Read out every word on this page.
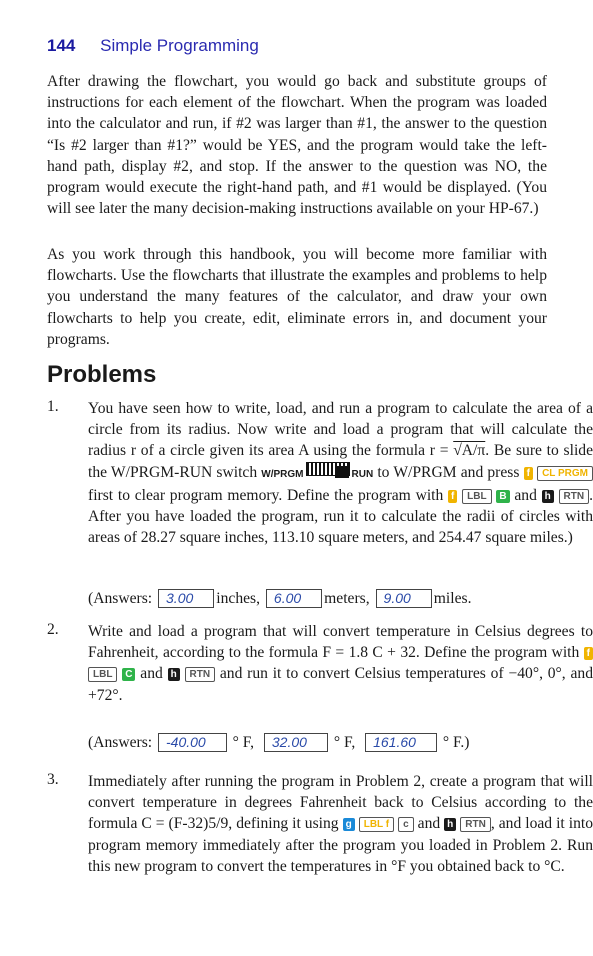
144 Simple Programming

After drawing the flowchart, you would go back and substitute groups of instructions for each element of the flowchart. When the program was loaded into the calculator and run, if #2 was larger than #1, the answer to the question “Is #2 larger than #1?” would be YES, and the program would take the left-hand path, display #2, and stop. If the answer to the question was NO, the program would execute the right-hand path, and #1 would be displayed. (You will see later the many decision-making instructions available on your HP-67.)

As you work through this handbook, you will become more familiar with flowcharts. Use the flowcharts that illustrate the examples and problems to help you understand the many features of the calculator, and draw your own flowcharts to help you create, edit, eliminate errors in, and document your programs.

Problems
1. You have seen how to write, load, and run a program to calculate the area of a circle from its radius. Now write and load a program that will calculate the radius r of a circle given its area A using the formula r = √A/π. Be sure to slide the W/PRGM-RUN switch W/PRGM	RUN to W/PRGM and press f CL PRGM first to clear program memory. Define the program with f LBL B and h RTN . After you have loaded the program, run it to calculate the radii of circles with areas of 28.27 square inches, 113.10 square meters, and 254.47 square miles.)

(Answers: 3.00 inches, 6.00 meters, 9.00 miles.
2. Write and load a program that will convert temperature in Celsius degrees to Fahrenheit, according to the formula F = 1.8 C + 32. Define the program with f LBL C and h RTN and run it to convert Celsius temperatures of −40°, 0°, and +72°.

(Answers: -40.00 ° F, 32.00 ° F, 161.60 ° F.)
3. Immediately after running the program in Problem 2, create a program that will convert temperature in degrees Fahrenheit back to Celsius according to the formula C = (F-32)5/9, defining it using g LBL f c and h RTN , and load it into program memory immediately after the program you loaded in Problem 2. Run this new program to convert the temperatures in °F you obtained back to °C.
